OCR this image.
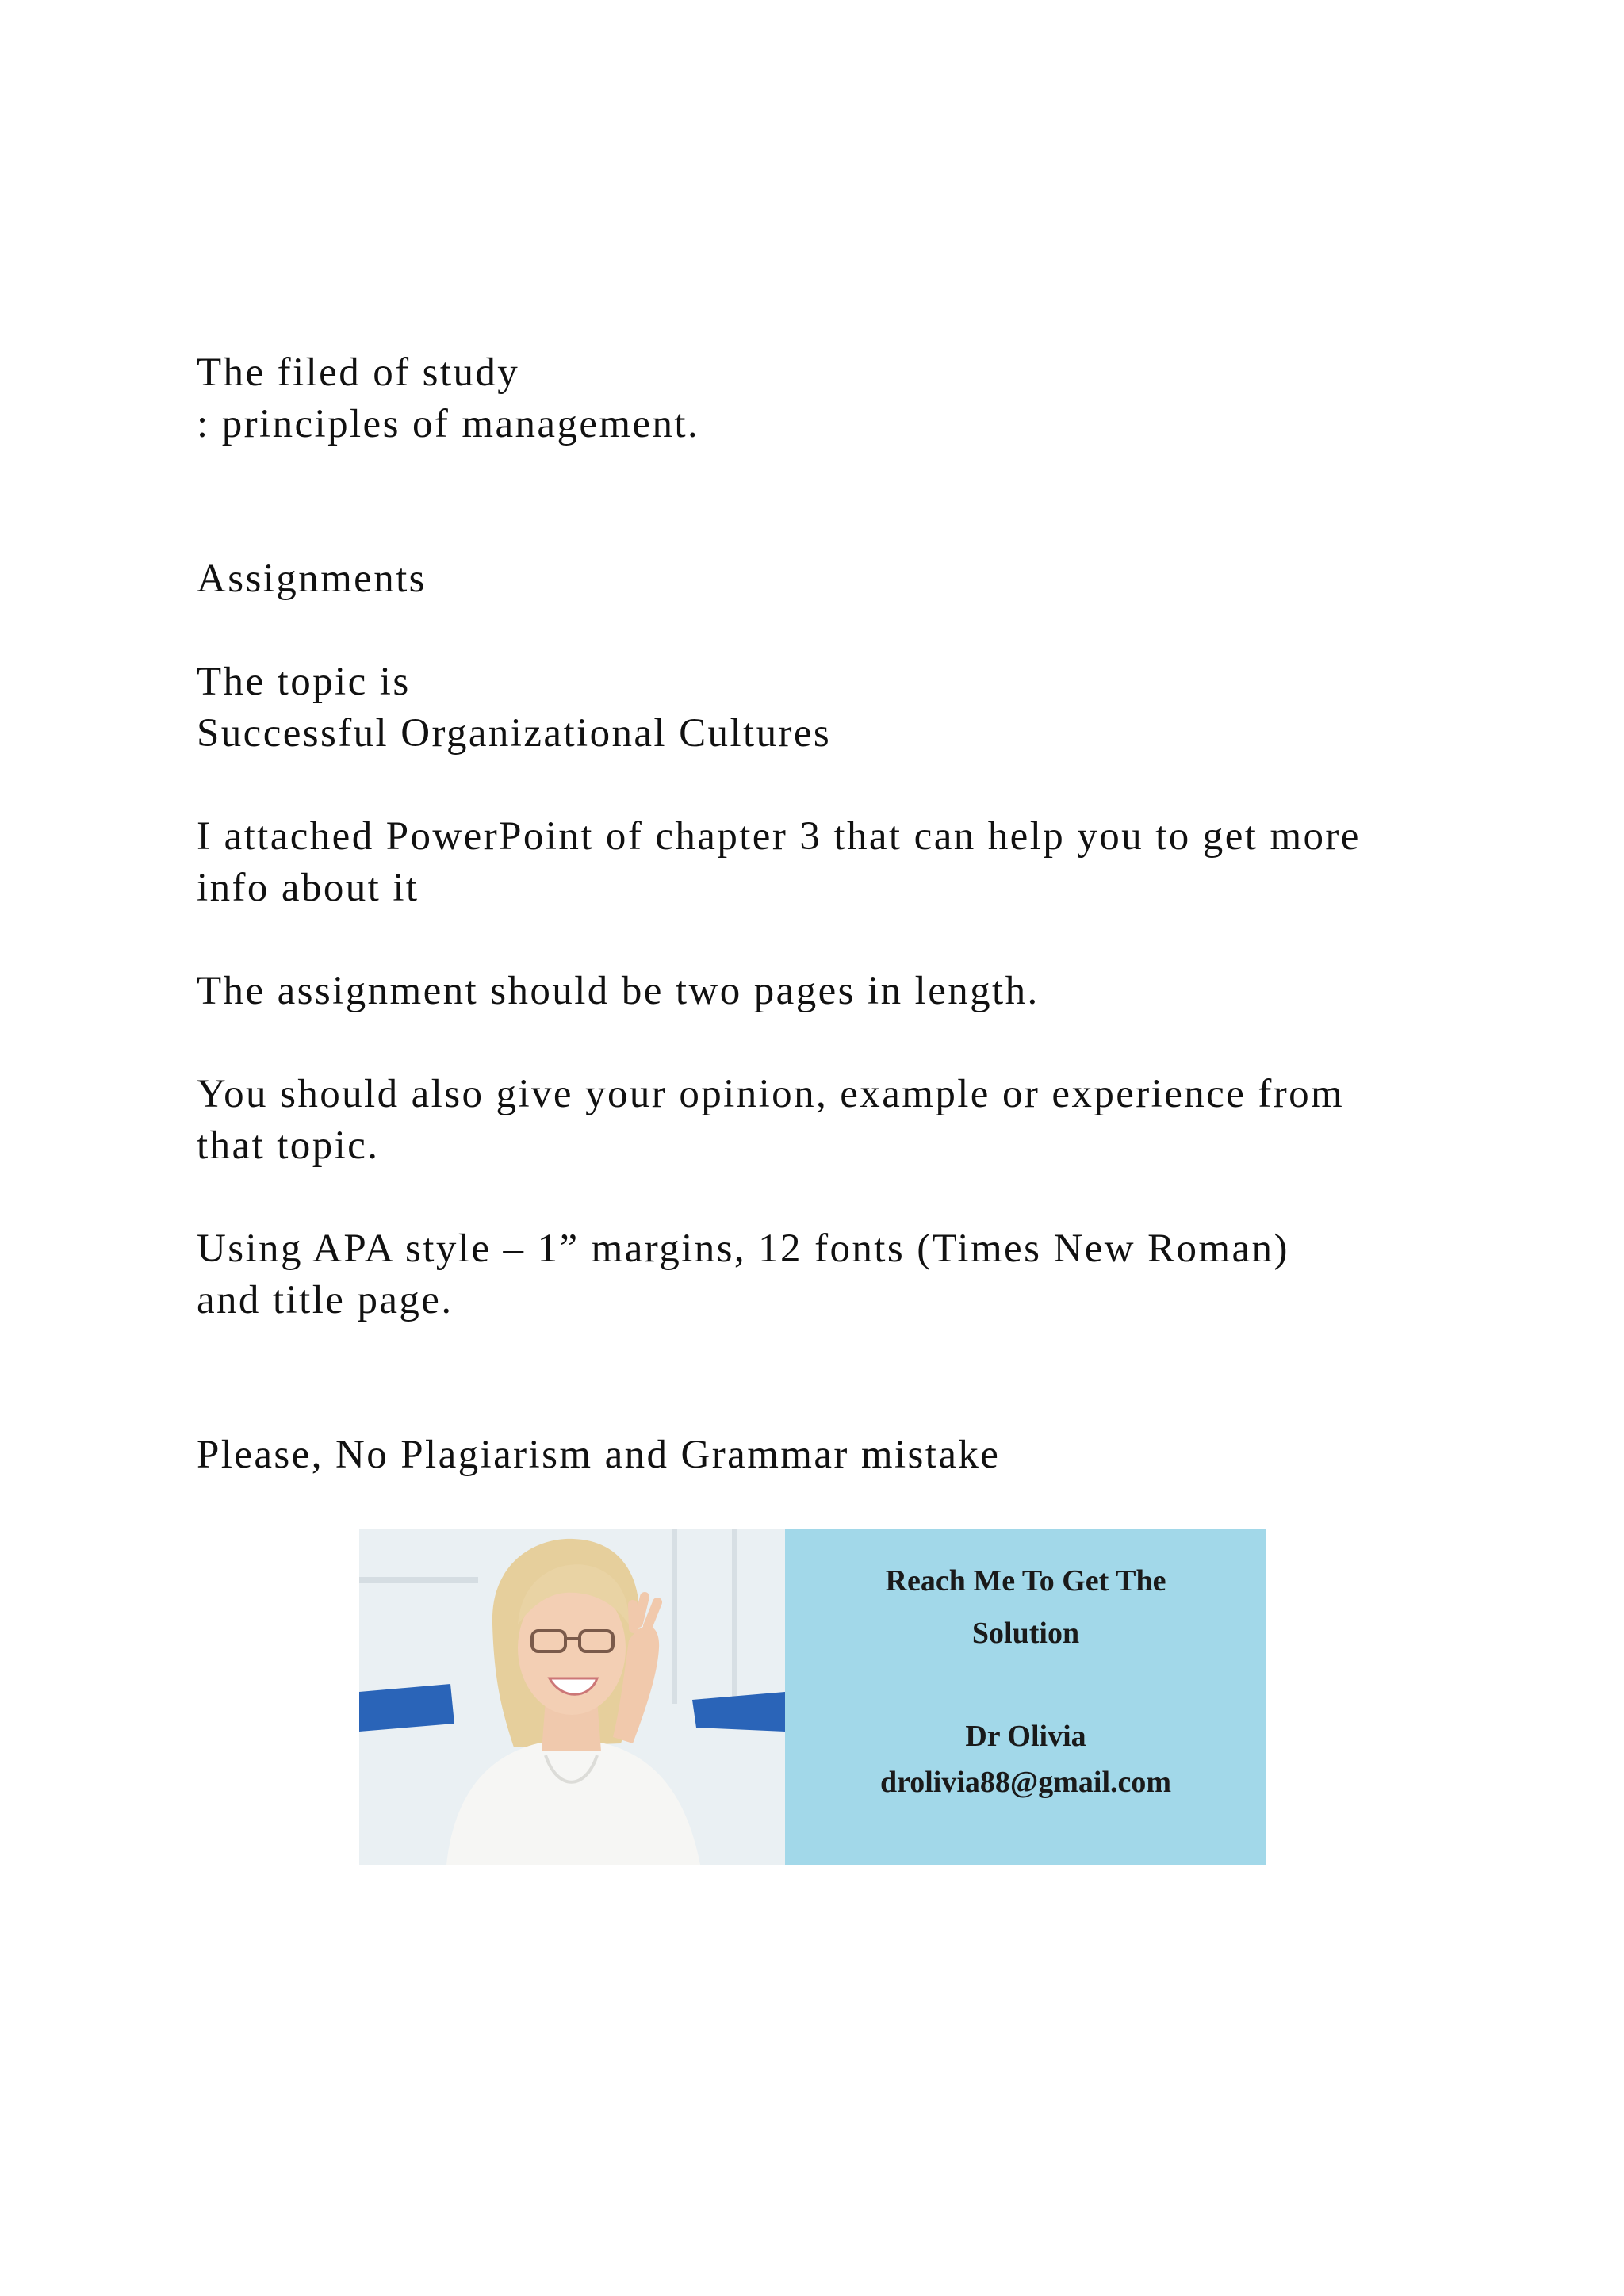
The filed of study
: principles of management.
Assignments
The topic is
Successful Organizational Cultures
I attached PowerPoint of chapter 3 that can help you to get more
info about it
The assignment should be two pages in length.
You should also give your opinion, example or experience from
that topic.
Using APA style – 1” margins, 12 fonts (Times New Roman)
and title page.
Please, No Plagiarism and Grammar mistake
Reach Me To Get The
Solution
Dr Olivia
drolivia88@gmail.com
